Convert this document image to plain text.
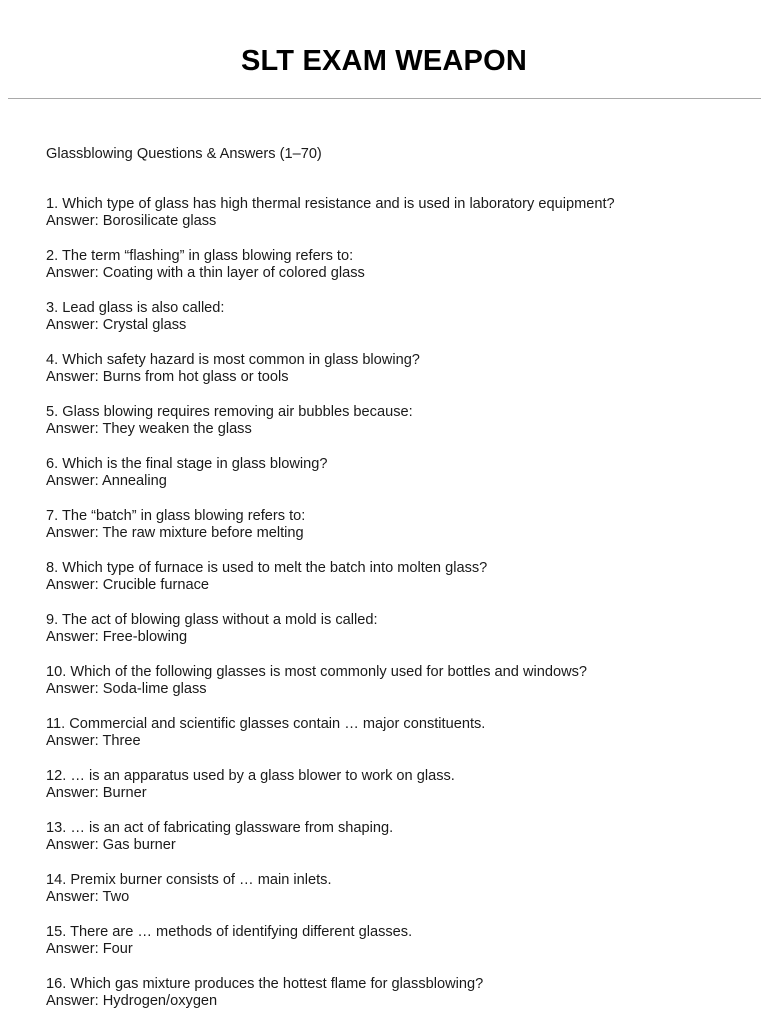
SLT EXAM WEAPON

Glassblowing Questions & Answers (1–70)

1. Which type of glass has high thermal resistance and is used in laboratory equipment?

Answer: Borosilicate glass

2. The term “flashing” in glass blowing refers to:

Answer: Coating with a thin layer of colored glass

3. Lead glass is also called:

Answer: Crystal glass

4. Which safety hazard is most common in glass blowing?

Answer: Burns from hot glass or tools

5. Glass blowing requires removing air bubbles because:

Answer: They weaken the glass

6. Which is the final stage in glass blowing?

Answer: Annealing

7. The “batch” in glass blowing refers to:

Answer: The raw mixture before melting

8. Which type of furnace is used to melt the batch into molten glass?

Answer: Crucible furnace

9. The act of blowing glass without a mold is called:

Answer: Free-blowing

10. Which of the following glasses is most commonly used for bottles and windows?

Answer: Soda-lime glass

11. Commercial and scientific glasses contain … major constituents.

Answer: Three

12. … is an apparatus used by a glass blower to work on glass.

Answer: Burner

13. … is an act of fabricating glassware from shaping.

Answer: Gas burner

14. Premix burner consists of … main inlets.

Answer: Two

15. There are … methods of identifying different glasses.

Answer: Four

16. Which gas mixture produces the hottest flame for glassblowing?

Answer: Hydrogen/oxygen
